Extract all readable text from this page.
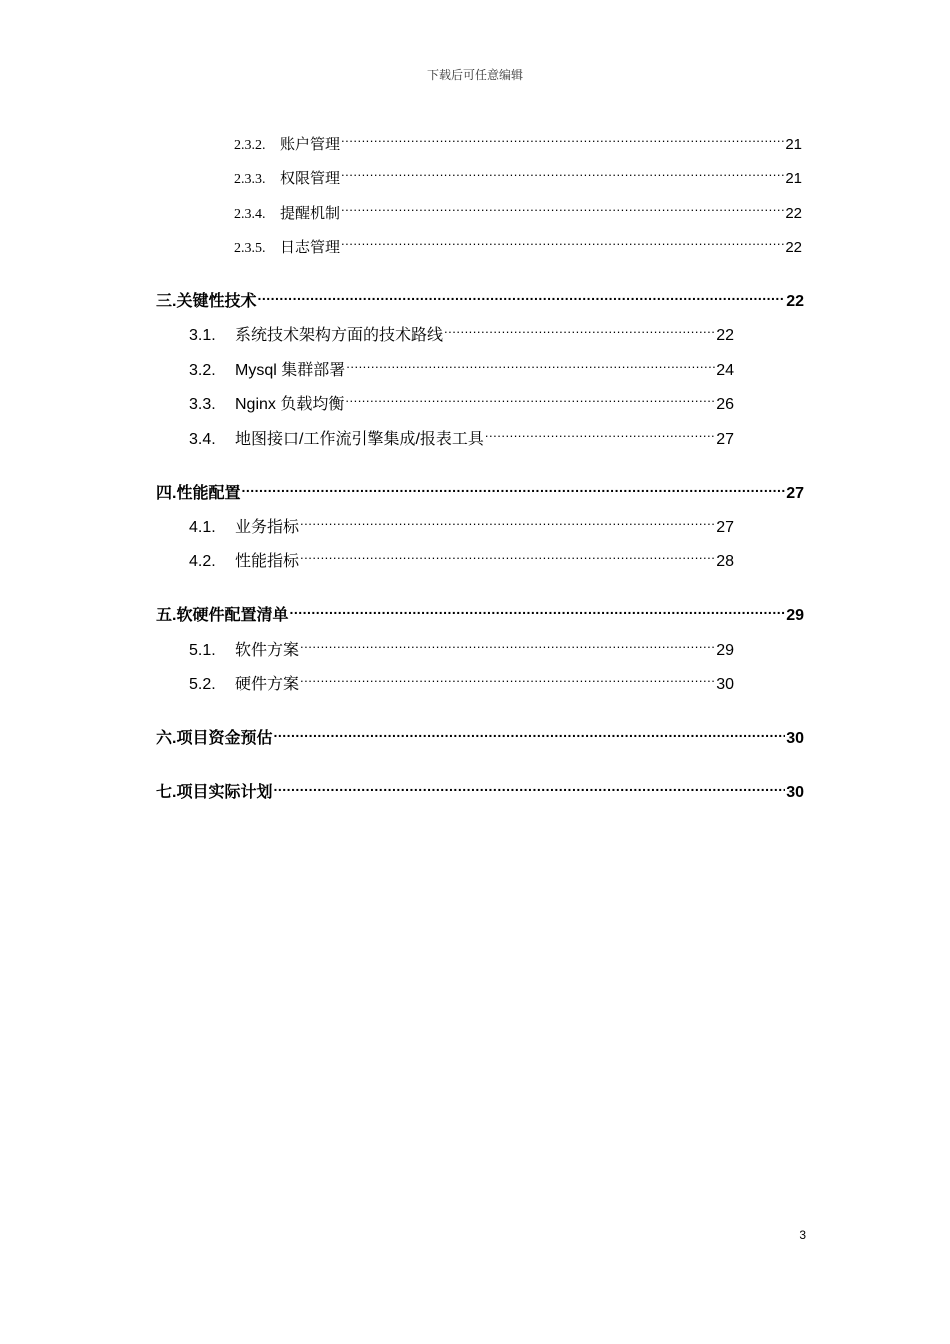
下载后可任意编辑
2.3.2. 账户管理 .....	21
2.3.3. 权限管理 .....	21
2.3.4. 提醒机制 .....	22
2.3.5. 日志管理 .....	22
三.关键性技术 .....	22
3.1.	系统技术架构方面的技术路线 .....	22
3.2.	Mysql 集群部署 .....	24
3.3.	Nginx 负载均衡 .....	26
3.4.	地图接口/工作流引擎集成/报表工具 .....	27
四.性能配置 .....	27
4.1.	业务指标 .....	27
4.2.	性能指标 .....	28
五.软硬件配置清单 .....	29
5.1.	软件方案 .....	29
5.2.	硬件方案 .....	30
六.项目资金预估 .....	30
七.项目实际计划 .....	30
3
